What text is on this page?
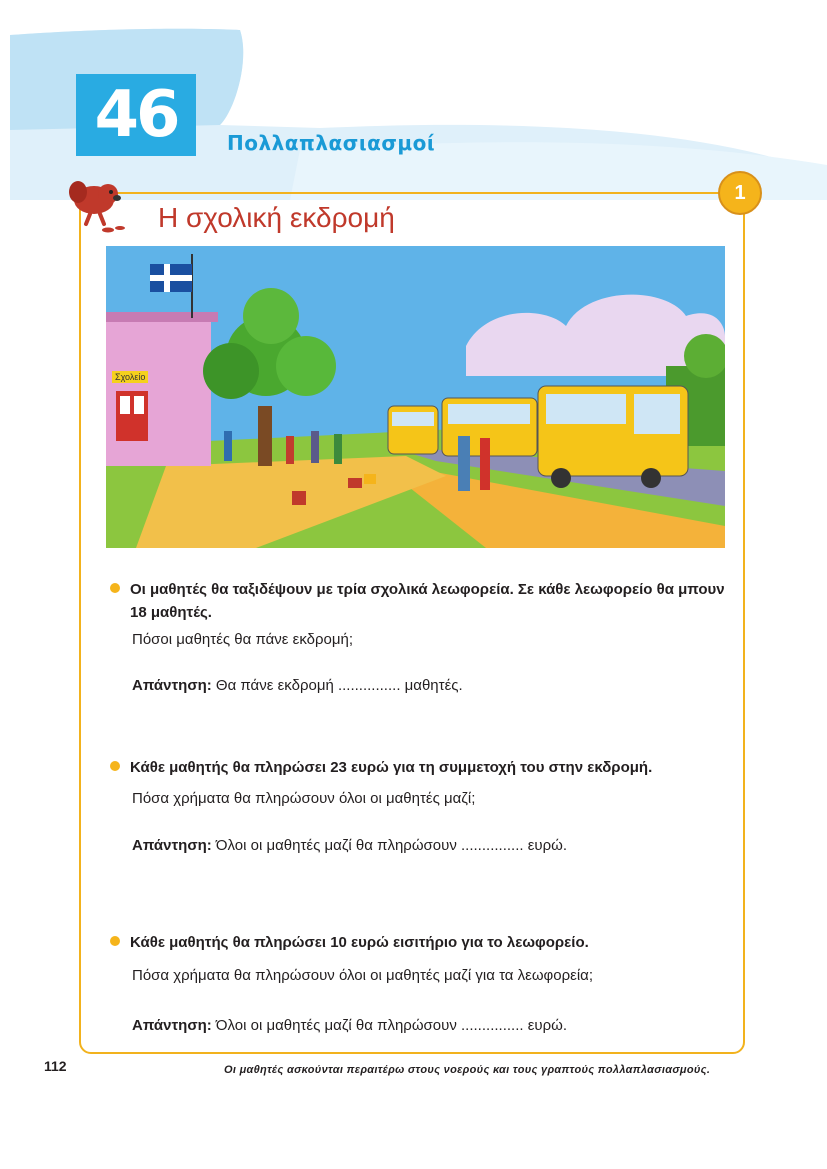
46 Πολλαπλασιασμοί
1
Η σχολική εκδρομή
Σχολείο
Οι μαθητές θα ταξιδέψουν με τρία σχολικά λεωφορεία. Σε κάθε λεωφορείο θα μπουν 18 μαθητές.
Πόσοι μαθητές θα πάνε εκδρομή;
Απάντηση: Θα πάνε εκδρομή ............... μαθητές.
Κάθε μαθητής θα πληρώσει 23 ευρώ για τη συμμετοχή του στην εκδρομή.
Πόσα χρήματα θα πληρώσουν όλοι οι μαθητές μαζί;
Απάντηση: Όλοι οι μαθητές μαζί θα πληρώσουν ............... ευρώ.
Κάθε μαθητής θα πληρώσει 10 ευρώ εισιτήριο για το λεωφορείο.
Πόσα χρήματα θα πληρώσουν όλοι οι μαθητές μαζί για τα λεωφορεία;
Απάντηση: Όλοι οι μαθητές μαζί θα πληρώσουν ............... ευρώ.
112	Οι μαθητές ασκούνται περαιτέρω στους νοερούς και τους γραπτούς πολλαπλασιασμούς.
